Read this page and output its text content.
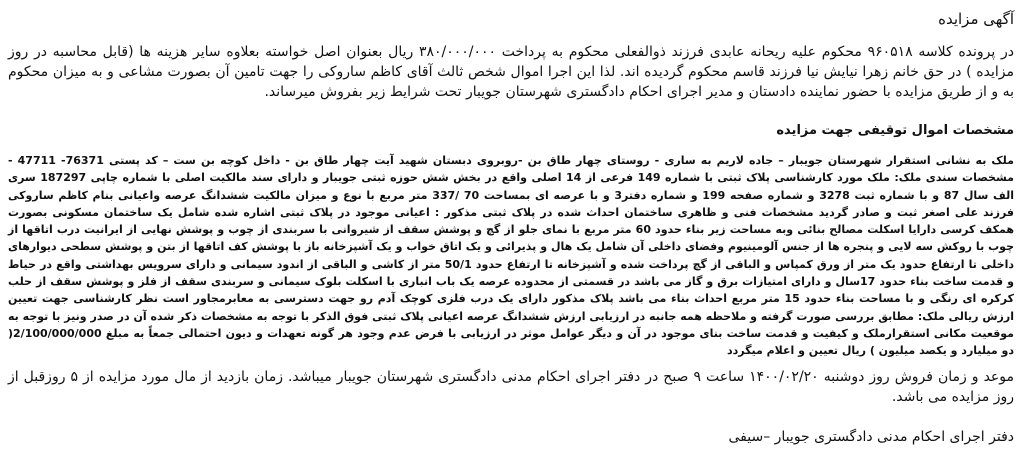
آگهی مزایده

در پرونده کلاسه ۹۶۰۵۱۸ محکوم علیه ریحانه عابدی فرزند ذوالفعلی محکوم به پرداخت ۳۸۰/۰۰۰/۰۰۰ ریال بعنوان اصل خواسته بعلاوه سایر هزینه ها (قابل محاسبه در روز مزایده ) در حق خانم زهرا نیایش نیا فرزند قاسم محکوم گردیده اند. لذا این اجرا اموال شخص ثالث آقای کاظم ساروکی را جهت تامین آن بصورت مشاعی و به میزان محکوم به و از طریق مزایده با حضور نماینده دادستان و مدیر اجرای احکام دادگستری شهرستان جویبار تحت شرایط زیر بفروش میرساند.

مشخصات اموال توقیفی جهت مزایده

ملک به نشانی استقرار شهرستان جویبار – جاده لاریم به ساری - روستای چهار طاق بن -روبروی دبستان شهید آیت چهار طاق بن - داخل کوچه بن ست – کد پستی 76371- 47711 - مشخصات سندی ملک: ملک مورد کارشناسی پلاک ثبتی با شماره 149 فرعی از 14 اصلی واقع در بخش شش حوزه ثبتی جویبار و دارای سند مالکیت اصلی با شماره چاپی 187297 سری الف سال 87 و با شماره ثبت 3278 و شماره صفحه 199 و شماره دفتر3 و با عرصه ای بمساحت 70 /337 متر مربع با نوع و میزان مالکیت ششدانگ عرصه واعیانی بنام کاظم ساروکی فرزند علی اصغر ثبت و صادر گردید مشخصات فنی و ظاهری ساختمان احداث شده در پلاک ثبتی مذکور : اعیانی موجود در پلاک ثبتی اشاره شده شامل یک ساختمان مسکونی بصورت همکف کرسی دارایا اسکلت مصالح بنائی وبه مساحت زیر بناء حدود 60 متر مربع با نمای جلو از گچ و پوشش سقف از شیروانی با سربندی از چوب و پوشش نهایی از ایرانیت درب اتاقها از چوب با روکش سه لایی و پنجره ها از جنس آلومینیوم وفضای داخلی آن شامل یک هال و پذیرائی و یک اتاق خواب و یک آشپزخانه باز با پوشش کف اتاقها از بتن و پوشش سطحی دیوارهای داخلی تا ارتفاع حدود یک متر از ورق کمپاس و الباقی از گچ پرداخت شده و آشپزخانه تا ارتفاع حدود 50/1 متر از کاشی و الباقی از اندود سیمانی و دارای سرویس بهداشتی واقع در حیاط و قدمت ساخت بناء حدود 17سال و دارای امتیازات برق و گاز می باشد در قسمتی از محدوده عرصه یک باب انباری با اسکلت بلوک سیمانی و سربندی سقف از فلز و پوشش سقف از حلب کرکره ای رنگی و با مساحت بناء حدود 15 متر مربع احداث بناء می باشد پلاک مذکور دارای یک درب فلزی کوچک آدم رو جهت دسترسی به معابرمجاور است نظر کارشناسی جهت تعیین ارزش ریالی ملک: مطابق بررسی صورت گرفته و ملاحظه همه جانبه در ارزیابی ارزش ششدانگ عرصه اعیانی پلاک ثبتی فوق الذکر با توجه به مشخصات ذکر شده آن در صدر ونیز با توجه به موقعیت مکانی استقرارملک و کیفیت و قدمت ساخت بنای موجود در آن و دیگر عوامل موثر در ارزیابی با فرض عدم وجود هر گونه تعهدات و دیون احتمالی جمعاً به مبلغ 2/100/000/000( دو میلیارد و یکصد میلیون ) ریال تعیین و اعلام میگردد

موعد و زمان فروش روز دوشنبه ۱۴۰۰/۰۲/۲۰ ساعت ۹ صبح در دفتر اجرای احکام مدنی دادگستری شهرستان جویبار میباشد. زمان بازدید از مال مورد مزایده از ۵ روزقبل از روز مزایده می باشد.

دفتر اجرای احکام مدنی دادگستری جویبار –سیفی
